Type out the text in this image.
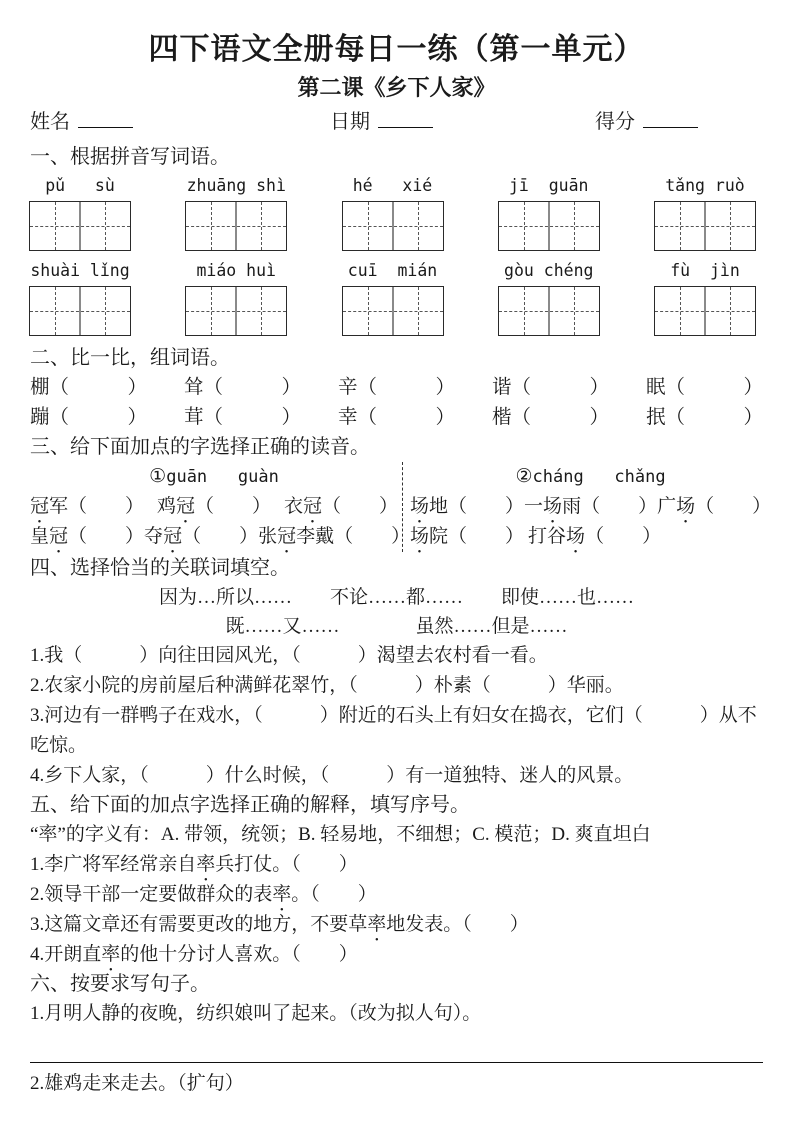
四下语文全册每日一练（第一单元）
第二课《乡下人家》
姓名	日期	得分
一、根据拼音写词语。
pǔ   sù	zhuāng shì	hé   xié	jī  guān	tǎng ruò
shuài lǐng	miáo huì	cuī  mián	gòu chéng	fù  jìn
二、比一比，组词语。
棚（　　　） 耸（　　　） 辛（　　　） 谐（　　　） 眠（　　　）
蹦（　　　） 茸（　　　） 幸（　　　） 楷（　　　） 抿（　　　）
三、给下面加点的字选择正确的读音。
①guān   guàn
冠军（　　） 鸡冠（　　） 衣冠（　　）
皇冠（　　） 夺冠（　　） 张冠李戴（　　）
②cháng   chǎng
场地（　　） 一场雨（　　） 广场（　　）
场院（　　） 打谷场（　　）
四、选择恰当的关联词填空。
因为…所以……　　不论……都……　　即使……也……
既……又……　　　　虽然……但是……

1.我（　　　）向往田园风光，（　　　）渴望去农村看一看。

2.农家小院的房前屋后种满鲜花翠竹，（　　　）朴素（　　　）华丽。

3.河边有一群鸭子在戏水，（　　　）附近的石头上有妇女在捣衣，它们（　　　）从不吃惊。

4.乡下人家，（　　　）什么时候，（　　　）有一道独特、迷人的风景。

五、给下面的加点字选择正确的解释，填写序号。
“率”的字义有：A. 带领，统领；B. 轻易地，不细想；C. 模范；D. 爽直坦白

1.李广将军经常亲自率兵打仗。（　　）

2.领导干部一定要做群众的表率。（　　）

3.这篇文章还有需要更改的地方，不要草率地发表。（　　）

4.开朗直率的他十分讨人喜欢。（　　）

六、按要求写句子。

1.月明人静的夜晚，纺织娘叫了起来。（改为拟人句）。

2.雄鸡走来走去。（扩句）
